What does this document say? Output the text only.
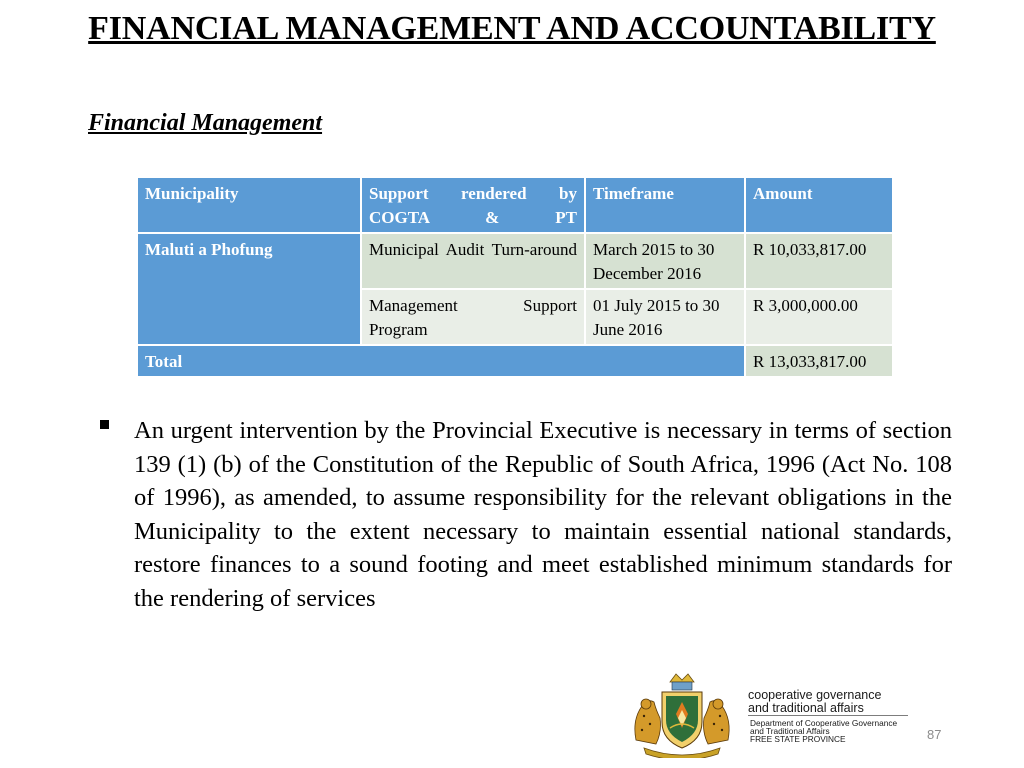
FINANCIAL MANAGEMENT AND ACCOUNTABILITY
Financial Management
Municipality	Support rendered by COGTA & PT	Timeframe	Amount
Maluti a Phofung	Municipal Audit Turn-around	March 2015 to 30 December 2016	R 10,033,817.00
	Management Support Program	01 July 2015 to 30 June 2016	R 3,000,000.00
Total			R 13,033,817.00
An urgent intervention by the Provincial Executive is necessary in terms of section 139 (1) (b) of the Constitution of the Republic of South Africa, 1996 (Act No. 108 of 1996), as amended, to assume responsibility for the relevant obligations in the Municipality to the extent necessary to maintain essential national standards, restore finances to a sound footing and meet established minimum standards for the rendering of services
cooperative governance
and traditional affairs
Department of Cooperative Governance
and Traditional Affairs
FREE STATE PROVINCE	87
